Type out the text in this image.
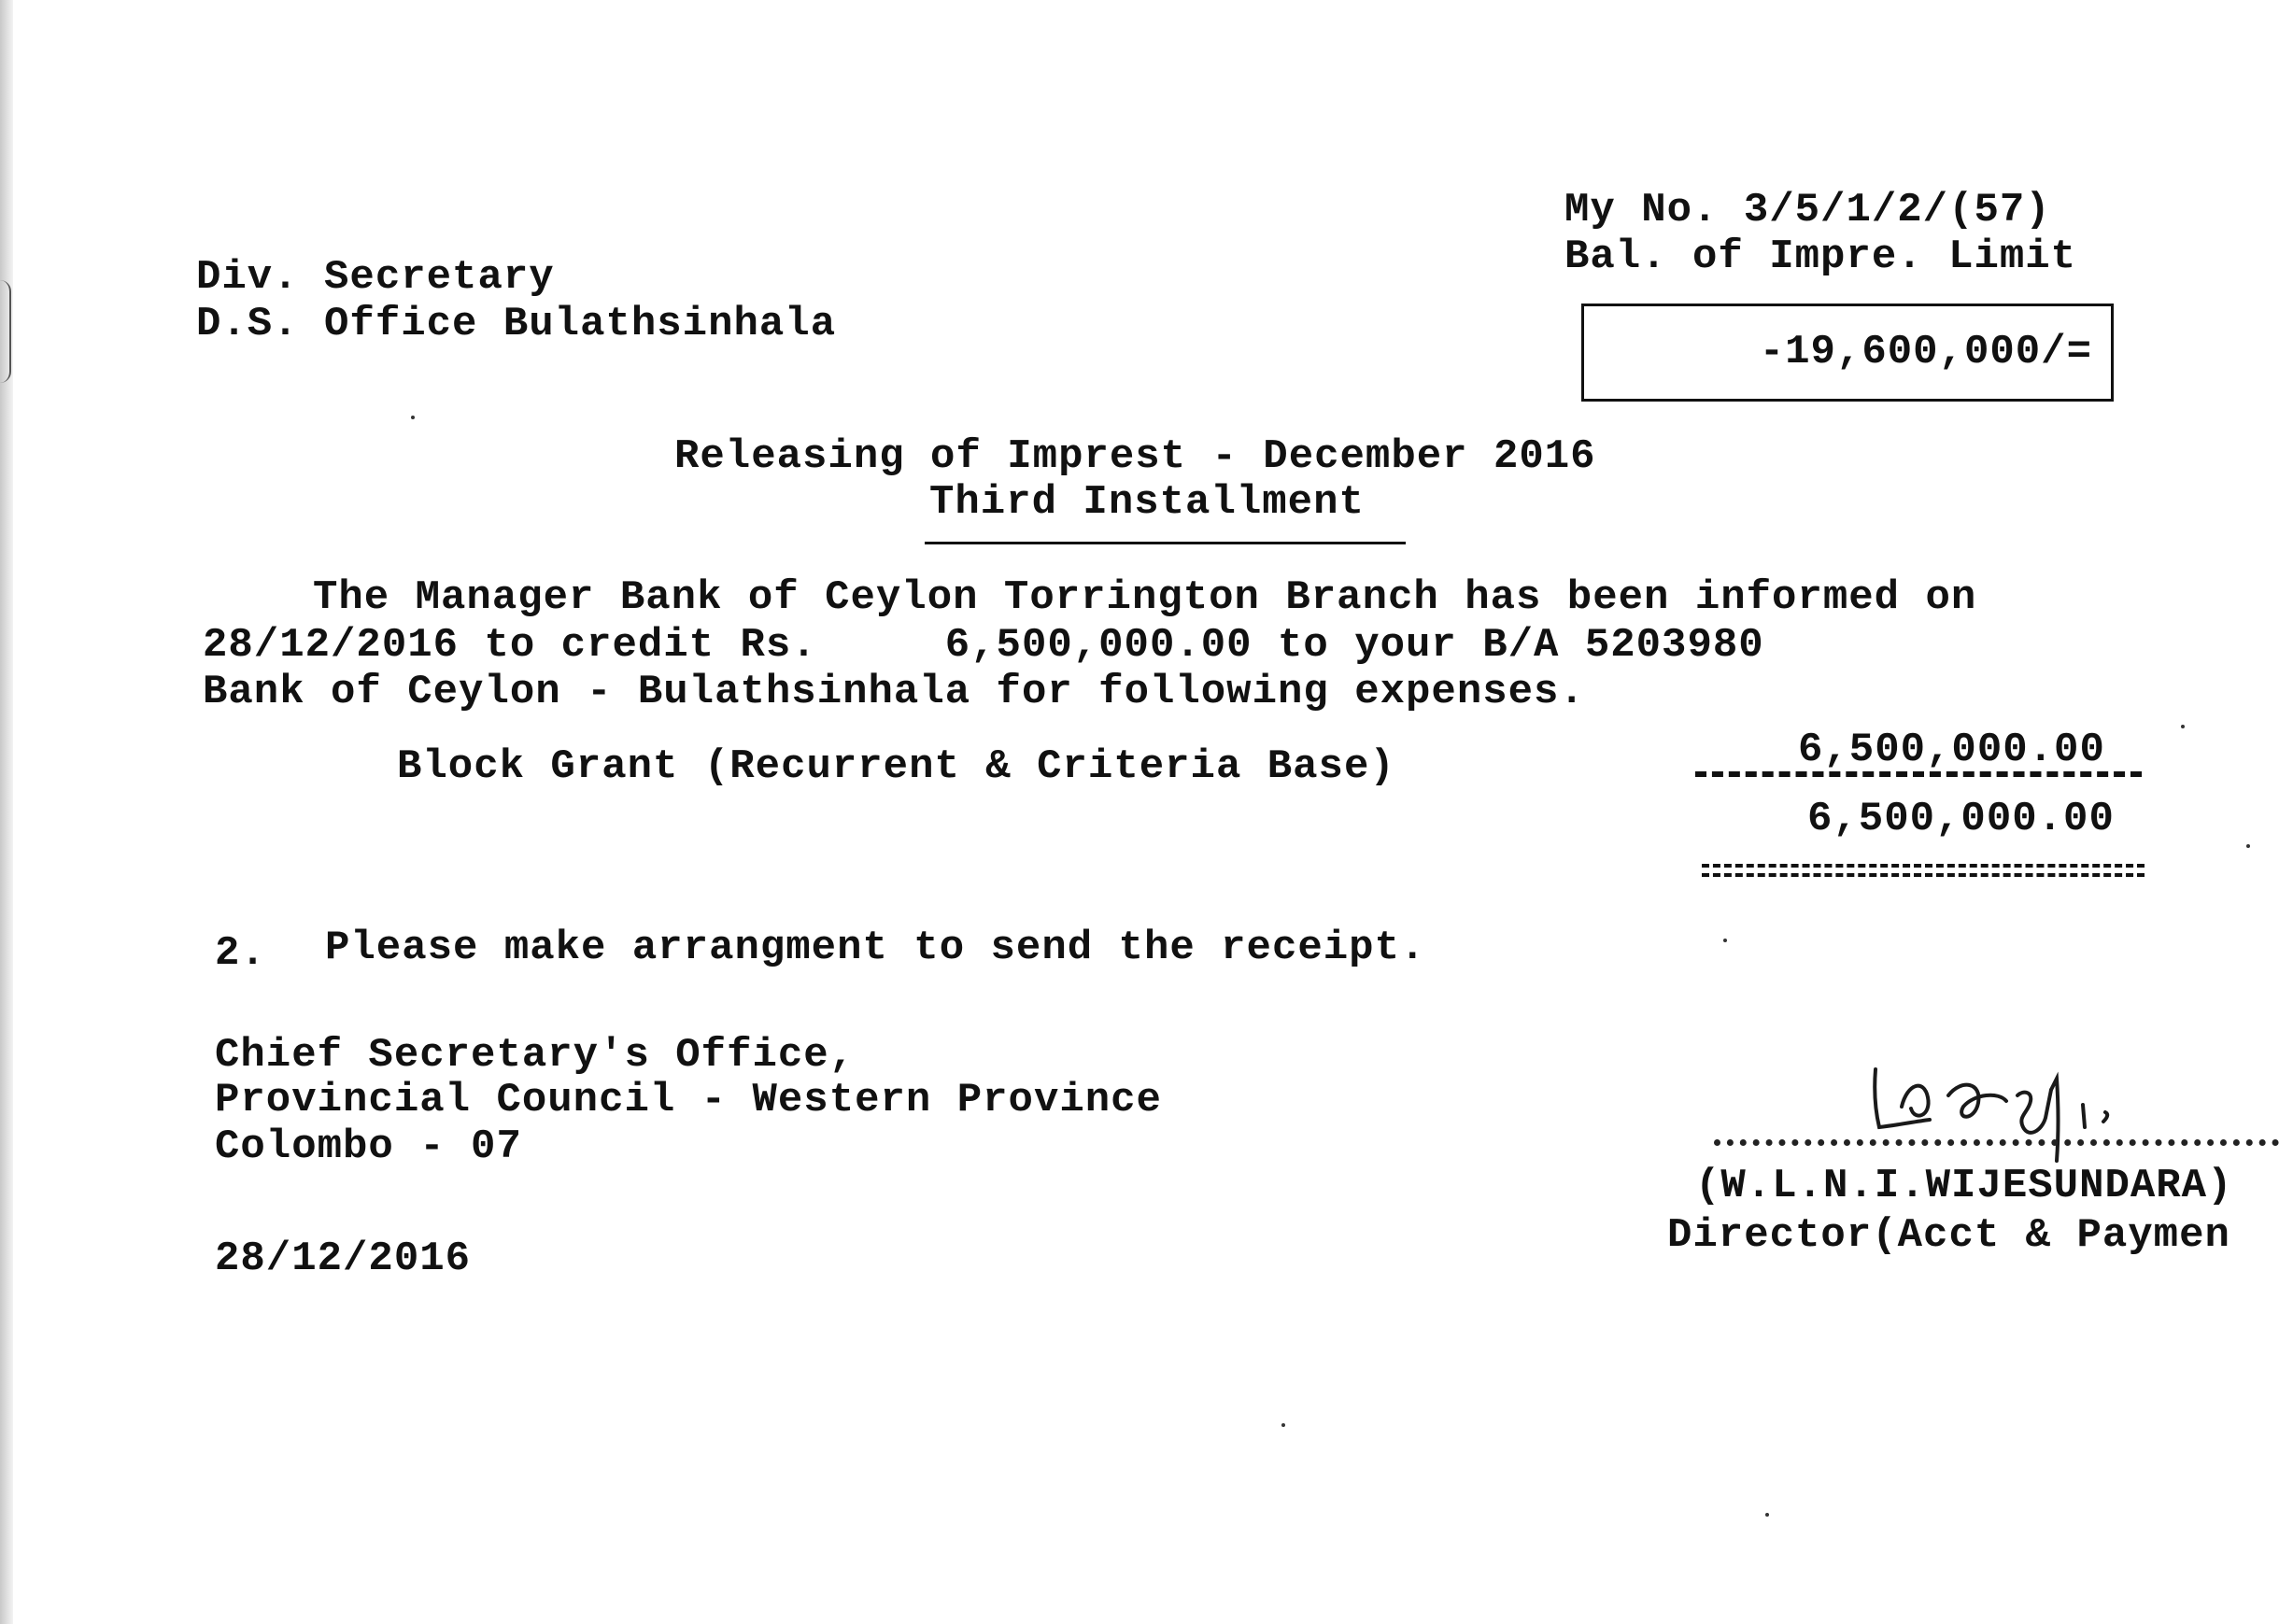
My No. 3/5/1/2/(57)
Bal. of Impre. Limit
-19,600,000/=
Div. Secretary
D.S. Office Bulathsinhala
Releasing of Imprest - December 2016
Third Installment
The Manager Bank of Ceylon Torrington Branch has been informed on
28/12/2016 to credit Rs.     6,500,000.00 to your B/A 5203980
Bank of Ceylon - Bulathsinhala for following expenses.
Block Grant (Recurrent & Criteria Base)	6,500,000.00
6,500,000.00
2. Please make arrangment to send the receipt.
Chief Secretary's Office,
Provincial Council - Western Province
Colombo - 07
28/12/2016
(W.L.N.I.WIJESUNDARA)
Director(Acct & Paymen
